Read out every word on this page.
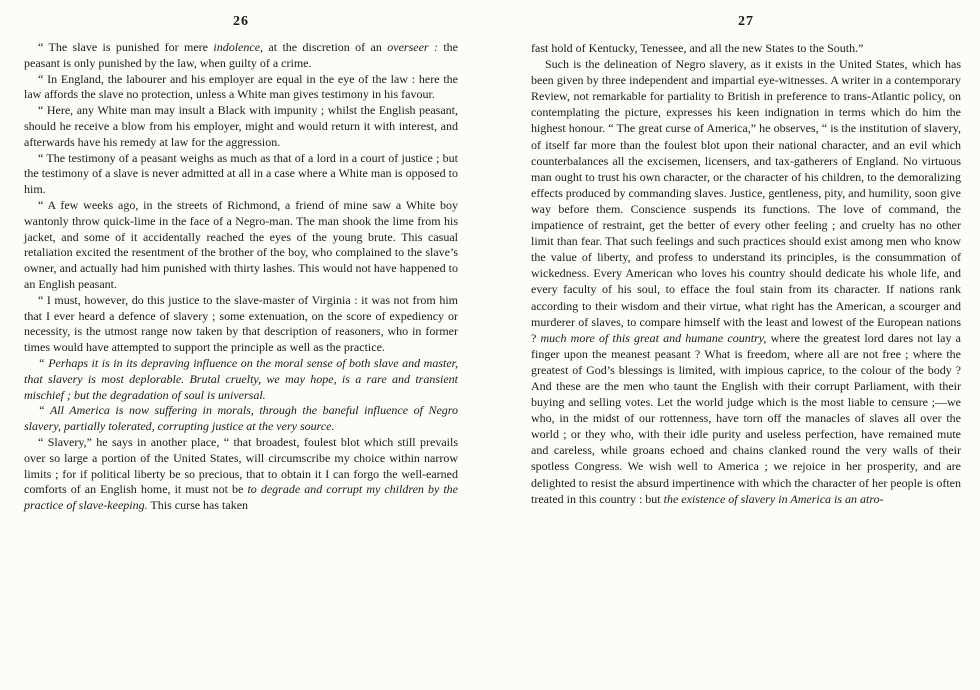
26

“ The slave is punished for mere indolence, at the discretion of an overseer : the peasant is only punished by the law, when guilty of a crime.

“ In England, the labourer and his employer are equal in the eye of the law : here the law affords the slave no protection, unless a White man gives testimony in his favour.

“ Here, any White man may insult a Black with impunity ; whilst the English peasant, should he receive a blow from his employer, might and would return it with interest, and afterwards have his remedy at law for the aggression.

“ The testimony of a peasant weighs as much as that of a lord in a court of justice ; but the testimony of a slave is never admitted at all in a case where a White man is opposed to him.

“ A few weeks ago, in the streets of Richmond, a friend of mine saw a White boy wantonly throw quick-lime in the face of a Negro-man. The man shook the lime from his jacket, and some of it accidentally reached the eyes of the young brute. This casual retaliation excited the resentment of the brother of the boy, who complained to the slave’s owner, and actually had him punished with thirty lashes. This would not have happened to an English peasant.

“ I must, however, do this justice to the slave-master of Virginia : it was not from him that I ever heard a defence of slavery ; some extenuation, on the score of expediency or necessity, is the utmost range now taken by that description of reasoners, who in former times would have attempted to support the principle as well as the practice.

“ Perhaps it is in its depraving influence on the moral sense of both slave and master, that slavery is most deplorable. Brutal cruelty, we may hope, is a rare and transient mischief ; but the degradation of soul is universal.

“ All America is now suffering in morals, through the baneful influence of Negro slavery, partially tolerated, corrupting justice at the very source.

“ Slavery,” he says in another place, “ that broadest, foulest blot which still prevails over so large a portion of the United States, will circumscribe my choice within narrow limits ; for if political liberty be so precious, that to obtain it I can forgo the well-earned comforts of an English home, it must not be to degrade and corrupt my children by the practice of slave-keeping. This curse has taken

27

fast hold of Kentucky, Tenessee, and all the new States to the South.”

Such is the delineation of Negro slavery, as it exists in the United States, which has been given by three independent and impartial eye-witnesses. A writer in a contemporary Review, not remarkable for partiality to British in preference to trans-Atlantic policy, on contemplating the picture, expresses his keen indignation in terms which do him the highest honour. “ The great curse of America,” he observes, “ is the institution of slavery, of itself far more than the foulest blot upon their national character, and an evil which counterbalances all the excisemen, licensers, and tax-gatherers of England. No virtuous man ought to trust his own character, or the character of his children, to the demoralizing effects produced by commanding slaves. Justice, gentleness, pity, and humility, soon give way before them. Conscience suspends its functions. The love of command, the impatience of restraint, get the better of every other feeling ; and cruelty has no other limit than fear. That such feelings and such practices should exist among men who know the value of liberty, and profess to understand its principles, is the consummation of wickedness. Every American who loves his country should dedicate his whole life, and every faculty of his soul, to efface the foul stain from its character. If nations rank according to their wisdom and their virtue, what right has the American, a scourger and murderer of slaves, to compare himself with the least and lowest of the European nations ? much more of this great and humane country, where the greatest lord dares not lay a finger upon the meanest peasant ? What is freedom, where all are not free ; where the greatest of God’s blessings is limited, with impious caprice, to the colour of the body ? And these are the men who taunt the English with their corrupt Parliament, with their buying and selling votes. Let the world judge which is the most liable to censure ;—we who, in the midst of our rottenness, have torn off the manacles of slaves all over the world ; or they who, with their idle purity and useless perfection, have remained mute and careless, while groans echoed and chains clanked round the very walls of their spotless Congress. We wish well to America ; we rejoice in her prosperity, and are delighted to resist the absurd impertinence with which the character of her people is often treated in this country : but the existence of slavery in America is an atro-
